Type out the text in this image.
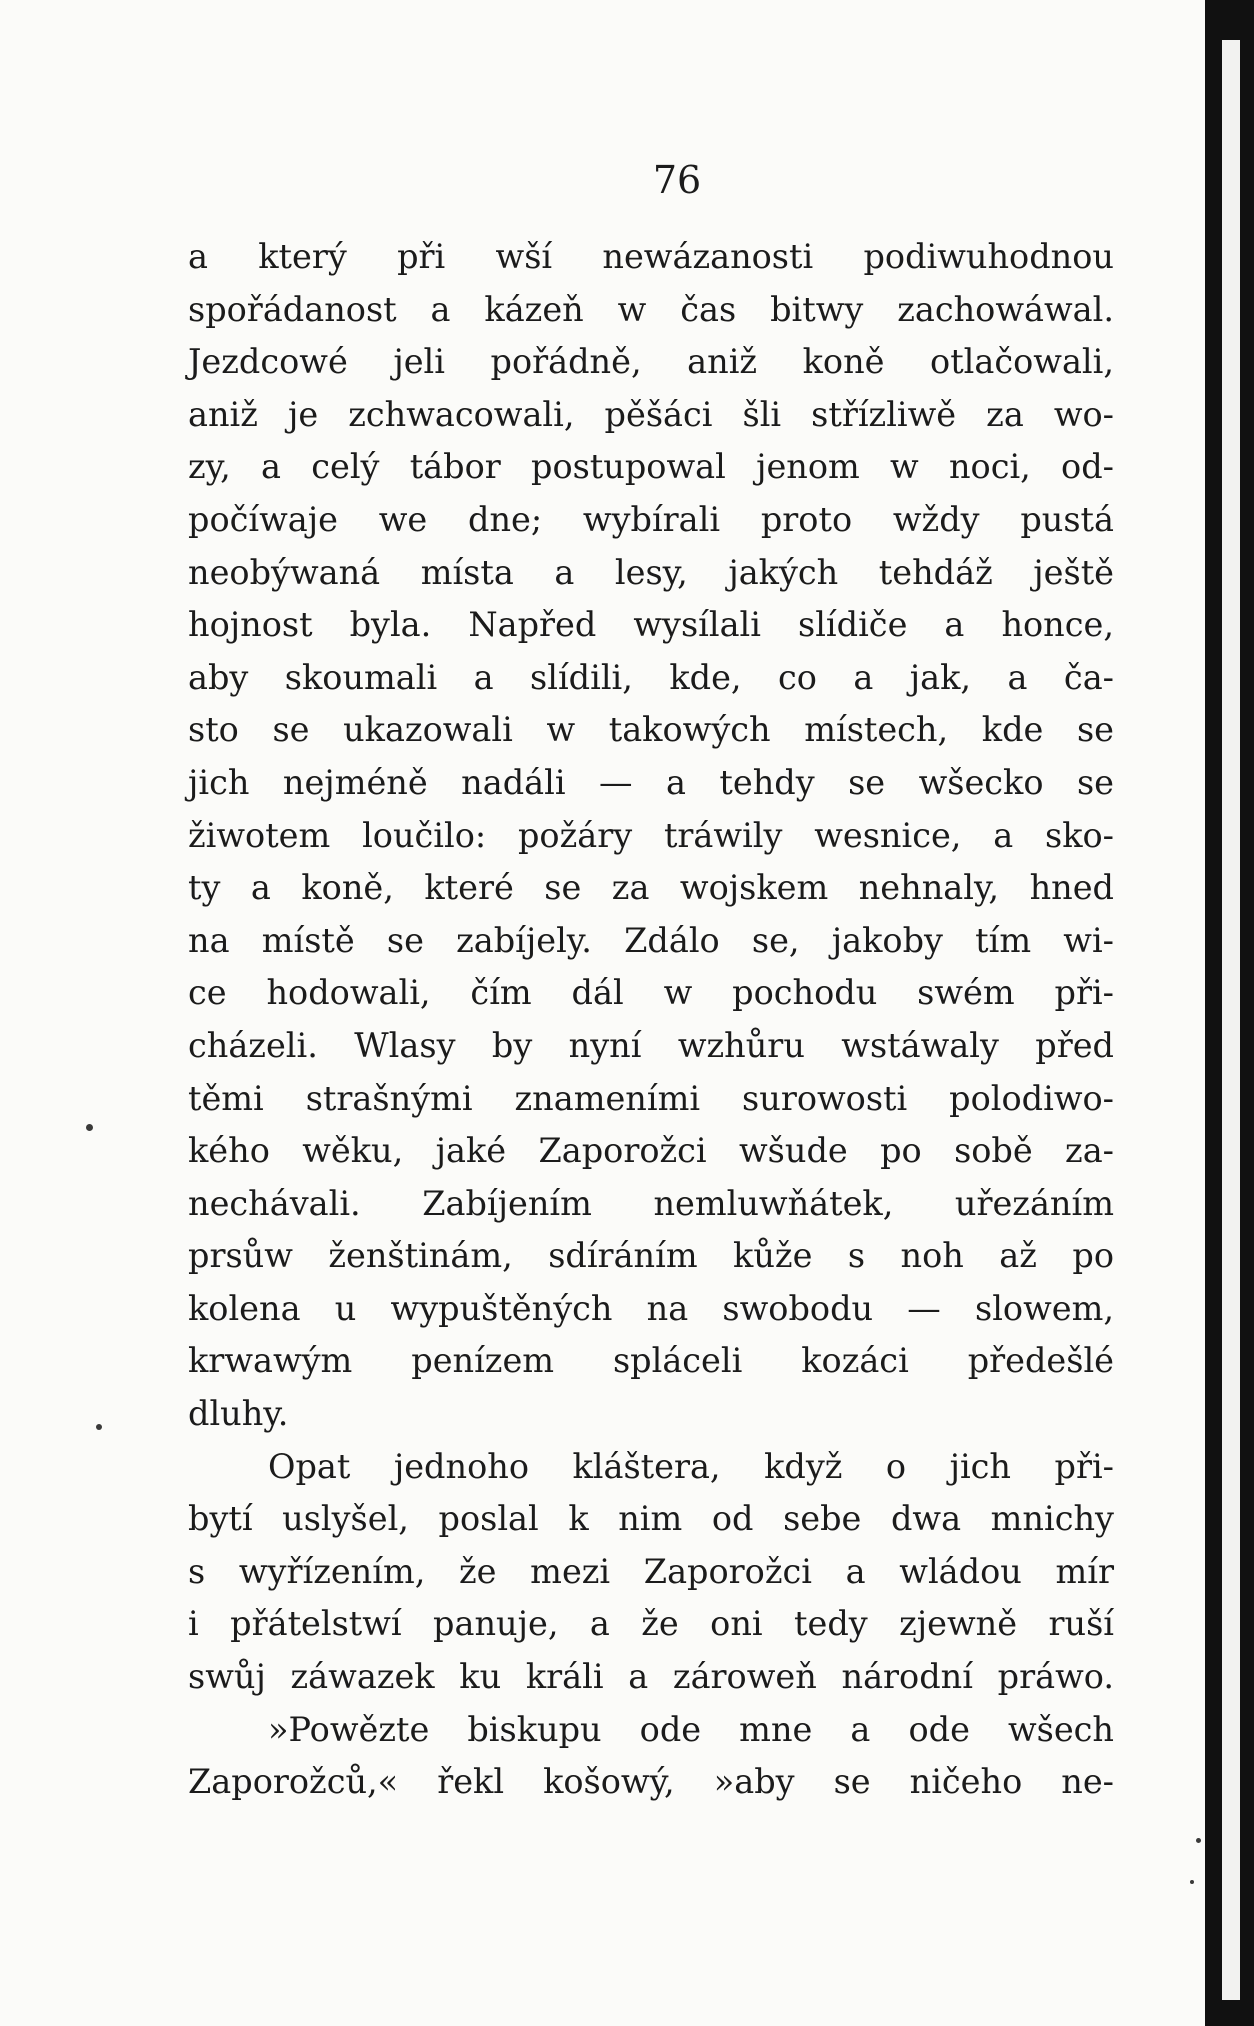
76
a který při wší newázanosti podiwuhodnou
spořádanost a kázeň w čas bitwy zachowáwal.
Jezdcowé jeli pořádně, aniž koně otlačowali,
aniž je zchwacowali, pěšáci šli střízliwě za wo-
zy, a celý tábor postupowal jenom w noci, od-
počíwaje we dne; wybírali proto wždy pustá
neobýwaná místa a lesy, jakých tehdáž ještě
hojnost byla. Napřed wysílali slídiče a honce,
aby skoumali a slídili, kde, co a jak, a ča-
sto se ukazowali w takowých místech, kde se
jich nejméně nadáli — a tehdy se wšecko se
žiwotem loučilo: požáry tráwily wesnice, a sko-
ty a koně, které se za wojskem nehnaly, hned
na místě se zabíjely. Zdálo se, jakoby tím wi-
ce hodowali, čím dál w pochodu swém při-
cházeli. Wlasy by nyní wzhůru wstáwaly před
těmi strašnými znameními surowosti polodiwo-
kého wěku, jaké Zaporožci wšude po sobě za-
nechávali. Zabíjením nemluwňátek, uřezáním
prsůw ženštinám, sdíráním kůže s noh až po
kolena u wypuštěných na swobodu — slowem,
krwawým penízem spláceli kozáci předešlé
dluhy.
Opat jednoho kláštera, když o jich při-
bytí uslyšel, poslal k nim od sebe dwa mnichy
s wyřízením, že mezi Zaporožci a wládou mír
i přátelstwí panuje, a že oni tedy zjewně ruší
swůj záwazek ku králi a zároweň národní práwo.
»Powězte biskupu ode mne a ode wšech
Zaporožců,« řekl košowý, »aby se ničeho ne-
